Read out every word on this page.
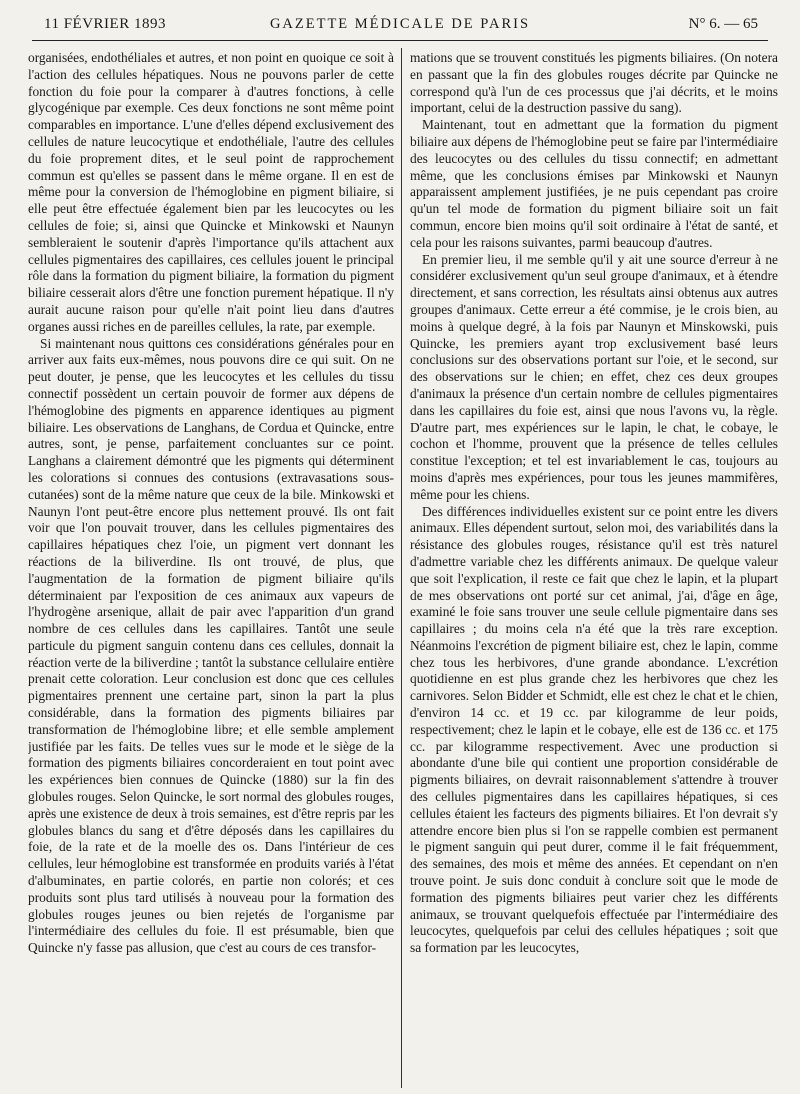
11 FÉVRIER 1893	GAZETTE MÉDICALE DE PARIS	N° 6. — 65

organisées, endothéliales et autres, et non point en quoique ce soit à l'action des cellules hépatiques. Nous ne pouvons parler de cette fonction du foie pour la comparer à d'autres fonctions, à celle glycogénique par exemple. Ces deux fonctions ne sont même point comparables en importance. L'une d'elles dépend exclusivement des cellules de nature leucocytique et endothéliale, l'autre des cellules du foie proprement dites, et le seul point de rapprochement commun est qu'elles se passent dans le même organe. Il en est de même pour la conversion de l'hémoglobine en pigment biliaire, si elle peut être effectuée également bien par les leucocytes ou les cellules de foie; si, ainsi que Quincke et Minkowski et Naunyn sembleraient le soutenir d'après l'importance qu'ils attachent aux cellules pigmentaires des capillaires, ces cellules jouent le principal rôle dans la formation du pigment biliaire, la formation du pigment biliaire cesserait alors d'être une fonction purement hépatique. Il n'y aurait aucune raison pour qu'elle n'ait point lieu dans d'autres organes aussi riches en de pareilles cellules, la rate, par exemple.

Si maintenant nous quittons ces considérations générales pour en arriver aux faits eux-mêmes, nous pouvons dire ce qui suit. On ne peut douter, je pense, que les leucocytes et les cellules du tissu connectif possèdent un certain pouvoir de former aux dépens de l'hémoglobine des pigments en apparence identiques au pigment biliaire. Les observations de Langhans, de Cordua et Quincke, entre autres, sont, je pense, parfaitement concluantes sur ce point. Langhans a clairement démontré que les pigments qui déterminent les colorations si connues des contusions (extravasations sous-cutanées) sont de la même nature que ceux de la bile. Minkowski et Naunyn l'ont peut-être encore plus nettement prouvé. Ils ont fait voir que l'on pouvait trouver, dans les cellules pigmentaires des capillaires hépatiques chez l'oie, un pigment vert donnant les réactions de la biliverdine. Ils ont trouvé, de plus, que l'augmentation de la formation de pigment biliaire qu'ils déterminaient par l'exposition de ces animaux aux vapeurs de l'hydrogène arsenique, allait de pair avec l'apparition d'un grand nombre de ces cellules dans les capillaires. Tantôt une seule particule du pigment sanguin contenu dans ces cellules, donnait la réaction verte de la biliverdine ; tantôt la substance cellulaire entière prenait cette coloration. Leur conclusion est donc que ces cellules pigmentaires prennent une certaine part, sinon la part la plus considérable, dans la formation des pigments biliaires par transformation de l'hémoglobine libre; et elle semble amplement justifiée par les faits. De telles vues sur le mode et le siège de la formation des pigments biliaires concorderaient en tout point avec les expériences bien connues de Quincke (1880) sur la fin des globules rouges. Selon Quincke, le sort normal des globules rouges, après une existence de deux à trois semaines, est d'être repris par les globules blancs du sang et d'être déposés dans les capillaires du foie, de la rate et de la moelle des os. Dans l'intérieur de ces cellules, leur hémoglobine est transformée en produits variés à l'état d'albuminates, en partie colorés, en partie non colorés; et ces produits sont plus tard utilisés à nouveau pour la formation des globules rouges jeunes ou bien rejetés de l'organisme par l'intermédiaire des cellules du foie. Il est présumable, bien que Quincke n'y fasse pas allusion, que c'est au cours de ces transfor-

mations que se trouvent constitués les pigments biliaires. (On notera en passant que la fin des globules rouges décrite par Quincke ne correspond qu'à l'un de ces processus que j'ai décrits, et le moins important, celui de la destruction passive du sang).

Maintenant, tout en admettant que la formation du pigment biliaire aux dépens de l'hémoglobine peut se faire par l'intermédiaire des leucocytes ou des cellules du tissu connectif; en admettant même, que les conclusions émises par Minkowski et Naunyn apparaissent amplement justifiées, je ne puis cependant pas croire qu'un tel mode de formation du pigment biliaire soit un fait commun, encore bien moins qu'il soit ordinaire à l'état de santé, et cela pour les raisons suivantes, parmi beaucoup d'autres.

En premier lieu, il me semble qu'il y ait une source d'erreur à ne considérer exclusivement qu'un seul groupe d'animaux, et à étendre directement, et sans correction, les résultats ainsi obtenus aux autres groupes d'animaux. Cette erreur a été commise, je le crois bien, au moins à quelque degré, à la fois par Naunyn et Minskowski, puis Quincke, les premiers ayant trop exclusivement basé leurs conclusions sur des observations portant sur l'oie, et le second, sur des observations sur le chien; en effet, chez ces deux groupes d'animaux la présence d'un certain nombre de cellules pigmentaires dans les capillaires du foie est, ainsi que nous l'avons vu, la règle. D'autre part, mes expériences sur le lapin, le chat, le cobaye, le cochon et l'homme, prouvent que la présence de telles cellules constitue l'exception; et tel est invariablement le cas, toujours au moins d'après mes expériences, pour tous les jeunes mammifères, même pour les chiens.

Des différences individuelles existent sur ce point entre les divers animaux. Elles dépendent surtout, selon moi, des variabilités dans la résistance des globules rouges, résistance qu'il est très naturel d'admettre variable chez les différents animaux. De quelque valeur que soit l'explication, il reste ce fait que chez le lapin, et la plupart de mes observations ont porté sur cet animal, j'ai, d'âge en âge, examiné le foie sans trouver une seule cellule pigmentaire dans ses capillaires ; du moins cela n'a été que la très rare exception. Néanmoins l'excrétion de pigment biliaire est, chez le lapin, comme chez tous les herbivores, d'une grande abondance. L'excrétion quotidienne en est plus grande chez les herbivores que chez les carnivores. Selon Bidder et Schmidt, elle est chez le chat et le chien, d'environ 14 cc. et 19 cc. par kilogramme de leur poids, respectivement; chez le lapin et le cobaye, elle est de 136 cc. et 175 cc. par kilogramme respectivement. Avec une production si abondante d'une bile qui contient une proportion considérable de pigments biliaires, on devrait raisonnablement s'attendre à trouver des cellules pigmentaires dans les capillaires hépatiques, si ces cellules étaient les facteurs des pigments biliaires. Et l'on devrait s'y attendre encore bien plus si l'on se rappelle combien est permanent le pigment sanguin qui peut durer, comme il le fait fréquemment, des semaines, des mois et même des années. Et cependant on n'en trouve point. Je suis donc conduit à conclure soit que le mode de formation des pigments biliaires peut varier chez les différents animaux, se trouvant quelquefois effectuée par l'intermédiaire des leucocytes, quelquefois par celui des cellules hépatiques ; soit que sa formation par les leucocytes,
